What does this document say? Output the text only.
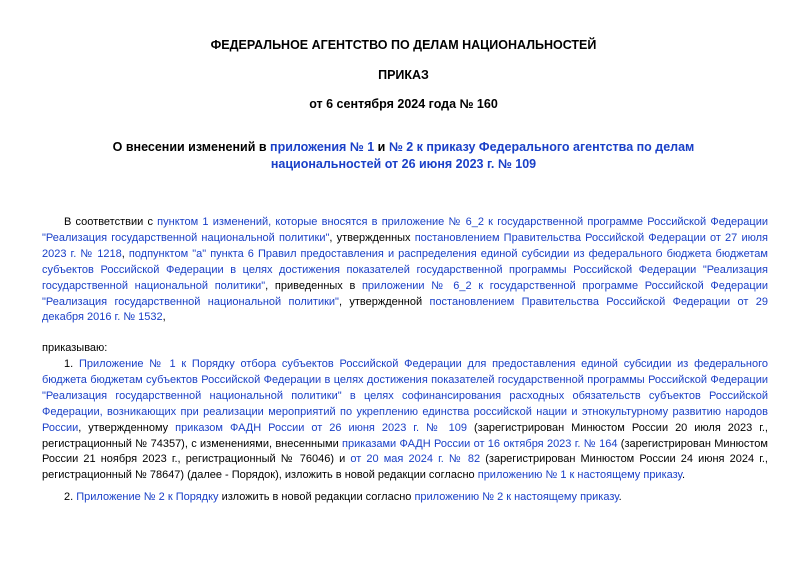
ФЕДЕРАЛЬНОЕ АГЕНТСТВО ПО ДЕЛАМ НАЦИОНАЛЬНОСТЕЙ
ПРИКАЗ
от 6 сентября 2024 года № 160
О внесении изменений в приложения № 1 и № 2 к приказу Федерального агентства по делам национальностей от 26 июня 2023 г. № 109
В соответствии с пунктом 1 изменений, которые вносятся в приложение № 6_2 к государственной программе Российской Федерации "Реализация государственной национальной политики", утвержденных постановлением Правительства Российской Федерации от 27 июля 2023 г. № 1218, подпунктом "а" пункта 6 Правил предоставления и распределения единой субсидии из федерального бюджета бюджетам субъектов Российской Федерации в целях достижения показателей государственной программы Российской Федерации "Реализация государственной национальной политики", приведенных в приложении № 6_2 к государственной программе Российской Федерации "Реализация государственной национальной политики", утвержденной постановлением Правительства Российской Федерации от 29 декабря 2016 г. № 1532,
приказываю:
1. Приложение № 1 к Порядку отбора субъектов Российской Федерации для предоставления единой субсидии из федерального бюджета бюджетам субъектов Российской Федерации в целях достижения показателей государственной программы Российской Федерации "Реализация государственной национальной политики" в целях софинансирования расходных обязательств субъектов Российской Федерации, возникающих при реализации мероприятий по укреплению единства российской нации и этнокультурному развитию народов России, утвержденному приказом ФАДН России от 26 июня 2023 г. № 109 (зарегистрирован Минюстом России 20 июля 2023 г., регистрационный № 74357), с изменениями, внесенными приказами ФАДН России от 16 октября 2023 г. № 164 (зарегистрирован Минюстом России 21 ноября 2023 г., регистрационный № 76046) и от 20 мая 2024 г. № 82 (зарегистрирован Минюстом России 24 июня 2024 г., регистрационный № 78647) (далее - Порядок), изложить в новой редакции согласно приложению № 1 к настоящему приказу.
2. Приложение № 2 к Порядку изложить в новой редакции согласно приложению № 2 к настоящему приказу.
